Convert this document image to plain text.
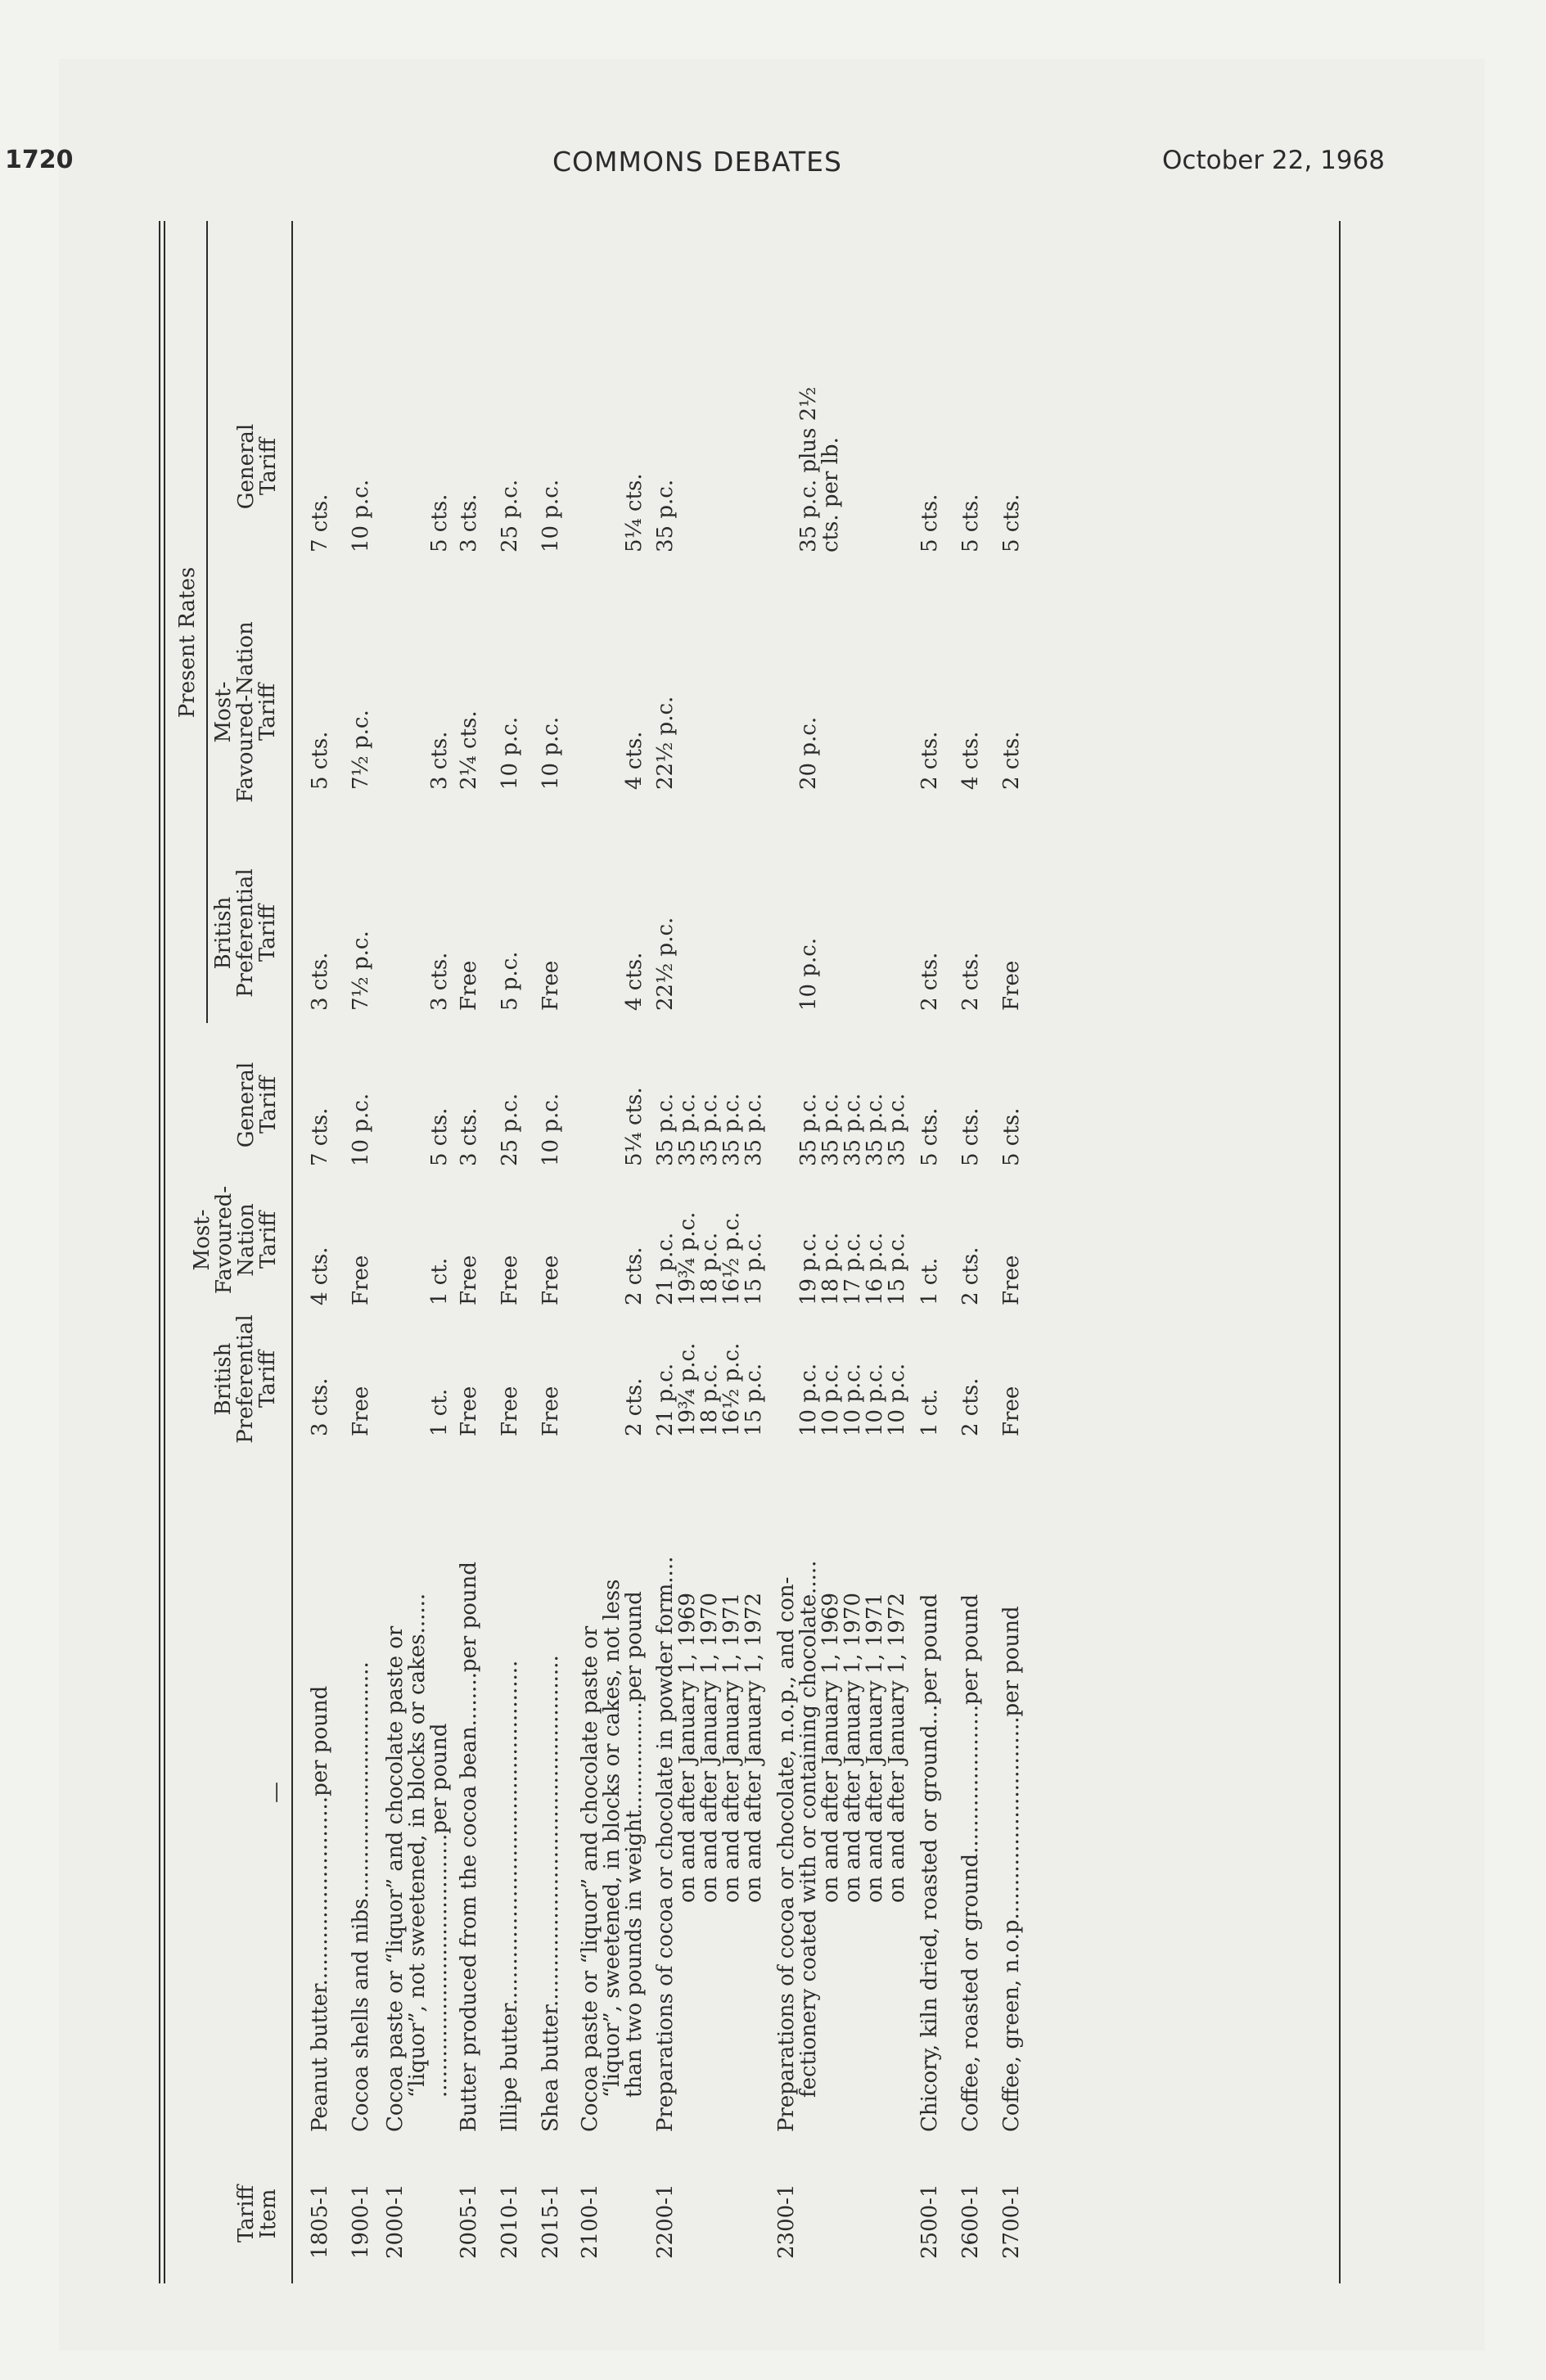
1720	COMMONS DEBATES	October 22, 1968
Present Rates
Tariff
Item
—
British
Preferential
Tariff
Most-
Favoured-
Nation
Tariff
General
Tariff
British
Preferential
Tariff
Most-
Favoured-Nation
Tariff
General
Tariff
1805-1
Peanut butter............................per pound
3 cts.
4 cts.
7 cts.
3 cts.
5 cts.
7 cts.
1900-1
Cocoa shells and nibs...................................
Free
Free
10 p.c.
7½ p.c.
7½ p.c.
10 p.c.
2000-1
Cocoa paste or “liquor” and chocolate paste or
“liquor”, not sweetened, in blocks or cakes......
.......................................per pound

1 ct.

1 ct.

5 cts.

3 cts.

3 cts.

5 cts.
2005-1
Butter produced from the cocoa bean........per pound
Free
Free
3 cts.
Free
2¼ cts.
3 cts.
2010-1
Illipe butter...................................................
Free
Free
25 p.c.
5 p.c.
10 p.c.
25 p.c.
2015-1
Shea butter....................................................
Free
Free
10 p.c.
Free
10 p.c.
10 p.c.
2100-1
Cocoa paste or “liquor” and chocolate paste or
“liquor”, sweetened, in blocks or cakes, not less
than two pounds in weight................per pound

2 cts.

2 cts.

5¼ cts.

4 cts.

4 cts.

5¼ cts.
2200-1
Preparations of cocoa or chocolate in powder form....
on and after January 1, 1969
on and after January 1, 1970
on and after January 1, 1971
on and after January 1, 1972
21 p.c.
19¾ p.c.
18 p.c.
16½ p.c.
15 p.c.
21 p.c.
19¾ p.c.
18 p.c.
16½ p.c.
15 p.c.
35 p.c.
35 p.c.
35 p.c.
35 p.c.
35 p.c.
22½ p.c.
22½ p.c.
35 p.c.
2300-1
Preparations of cocoa or chocolate, n.o.p., and con-
fectionery coated with or containing chocolate.....
on and after January 1, 1969
on and after January 1, 1970
on and after January 1, 1971
on and after January 1, 1972

10 p.c.
10 p.c.
10 p.c.
10 p.c.
10 p.c.

19 p.c.
18 p.c.
17 p.c.
16 p.c.
15 p.c.

35 p.c.
35 p.c.
35 p.c.
35 p.c.
35 p.c.

10 p.c.

20 p.c.

35 p.c. plus 2½
cts. per lb.
2500-1
Chicory, kiln dried, roasted or ground...per pound
1 ct.
1 ct.
5 cts.
2 cts.
2 cts.
5 cts.
2600-1
Coffee, roasted or ground......................per pound
2 cts.
2 cts.
5 cts.
2 cts.
4 cts.
5 cts.
2700-1
Coffee, green, n.o.p..............................per pound
Free
Free
5 cts.
Free
2 cts.
5 cts.
